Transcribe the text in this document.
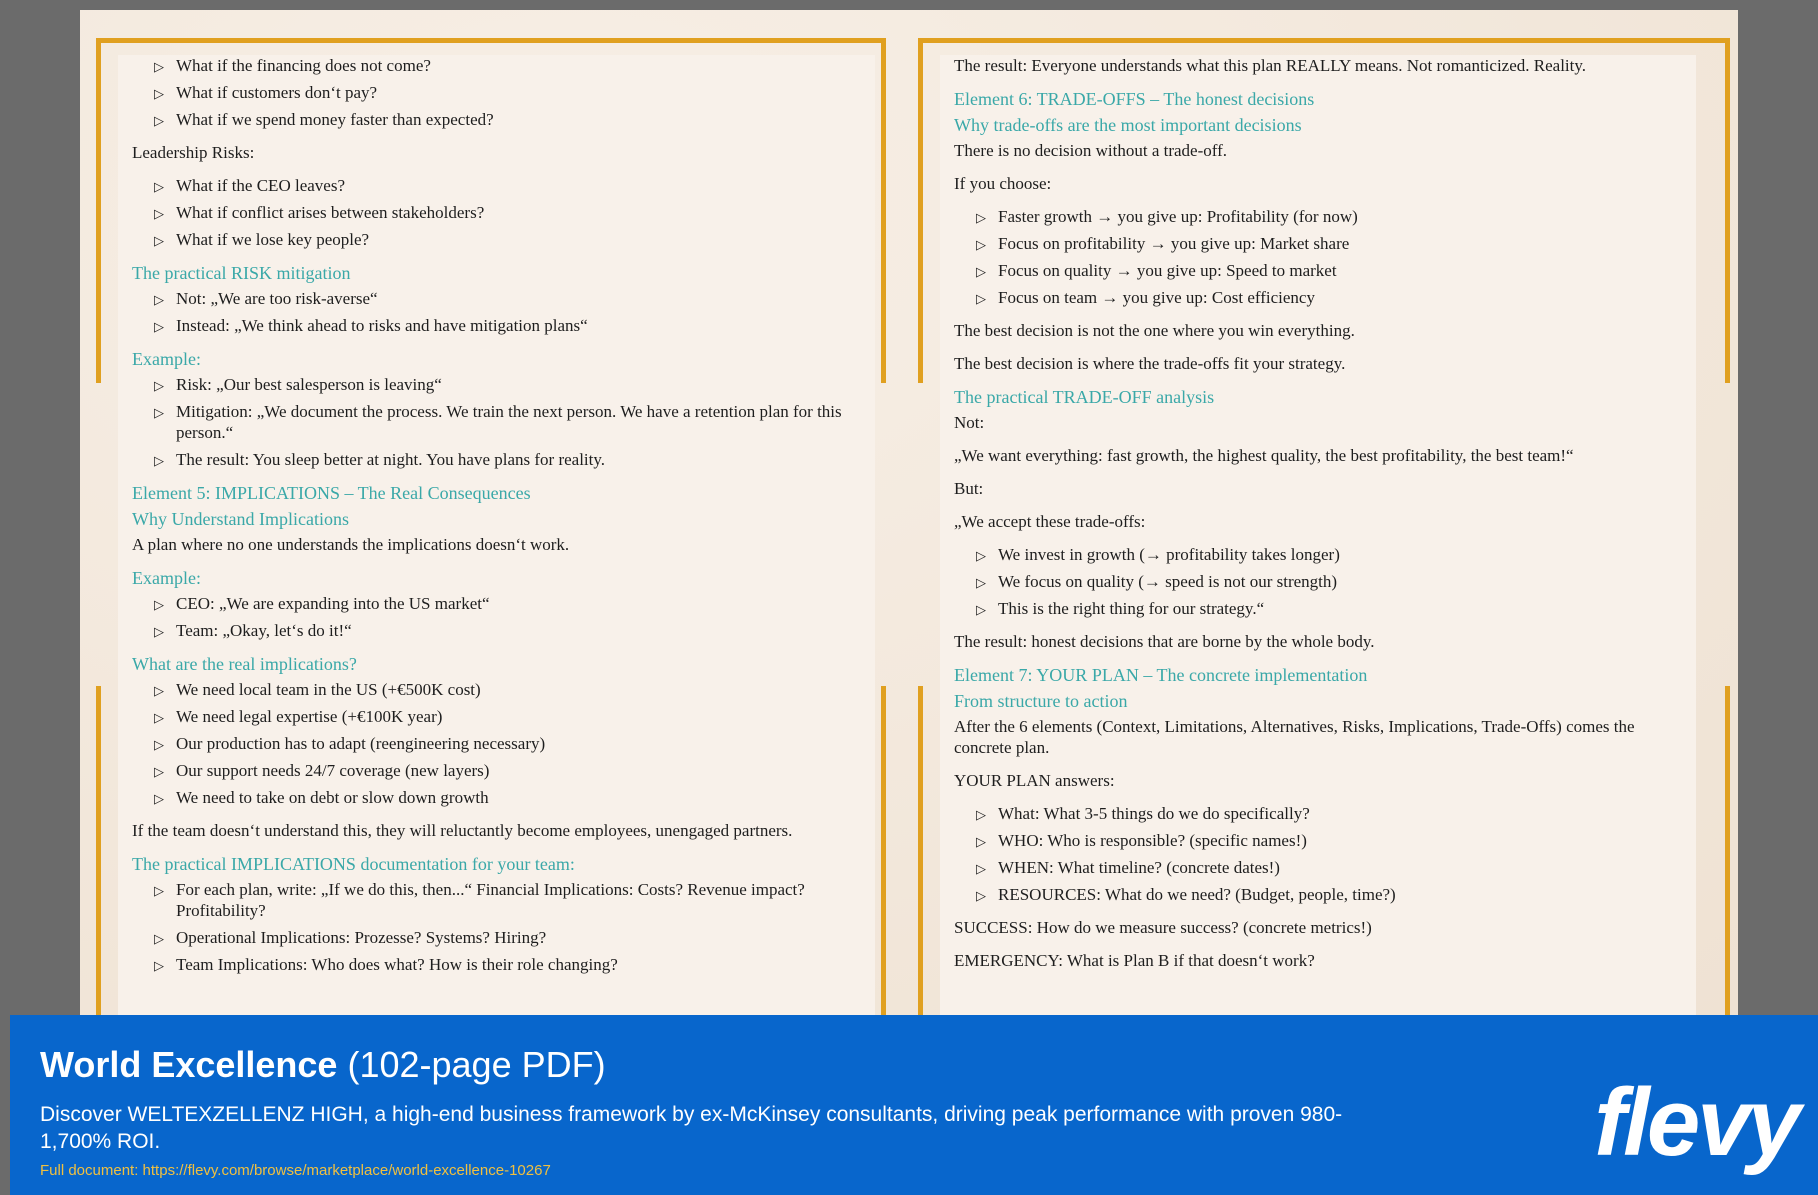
▷ What if the financing does not come?
▷ What if customers don‘t pay?
▷ What if we spend money faster than expected?

Leadership Risks:

▷ What if the CEO leaves?
▷ What if conflict arises between stakeholders?
▷ What if we lose key people?
The practical RISK mitigation
▷ Not: „We are too risk-averse“
▷ Instead: „We think ahead to risks and have mitigation plans“
Example:
▷ Risk: „Our best salesperson is leaving“
▷ Mitigation: „We document the process. We train the next person. We have a retention plan for this person.“
▷ The result: You sleep better at night. You have plans for reality.
Element 5: IMPLICATIONS – The Real Consequences
Why Understand Implications

A plan where no one understands the implications doesn‘t work.

Example:
▷ CEO: „We are expanding into the US market“
▷ Team: „Okay, let‘s do it!“
What are the real implications?
▷ We need local team in the US (+€500K cost)
▷ We need legal expertise (+€100K year)
▷ Our production has to adapt (reengineering necessary)
▷ Our support needs 24/7 coverage (new layers)
▷ We need to take on debt or slow down growth

If the team doesn‘t understand this, they will reluctantly become employees, unengaged partners.

The practical IMPLICATIONS documentation for your team:
▷ For each plan, write: „If we do this, then...“ Financial Implications: Costs? Revenue impact? Profitability?
▷ Operational Implications: Prozesse? Systems? Hiring?
▷ Team Implications: Who does what? How is their role changing?

The result: Everyone understands what this plan REALLY means. Not romanticized. Reality.

Element 6: TRADE-OFFS – The honest decisions
Why trade-offs are the most important decisions

There is no decision without a trade-off.

If you choose:

▷ Faster growth → you give up: Profitability (for now)
▷ Focus on profitability → you give up: Market share
▷ Focus on quality → you give up: Speed to market
▷ Focus on team → you give up: Cost efficiency

The best decision is not the one where you win everything.

The best decision is where the trade-offs fit your strategy.

The practical TRADE-OFF analysis

Not:

„We want everything: fast growth, the highest quality, the best profitability, the best team!“

But:

„We accept these trade-offs:

▷ We invest in growth (→ profitability takes longer)
▷ We focus on quality (→ speed is not our strength)
▷ This is the right thing for our strategy.“

The result: honest decisions that are borne by the whole body.

Element 7: YOUR PLAN – The concrete implementation
From structure to action

After the 6 elements (Context, Limitations, Alternatives, Risks, Implications, Trade-Offs) comes the concrete plan.

YOUR PLAN answers:

▷ What: What 3-5 things do we do specifically?
▷ WHO: Who is responsible? (specific names!)
▷ WHEN: What timeline? (concrete dates!)
▷ RESOURCES: What do we need? (Budget, people, time?)

SUCCESS: How do we measure success? (concrete metrics!)

EMERGENCY: What is Plan B if that doesn‘t work?

World Excellence (102-page PDF)
Discover WELTEXZELLENZ HIGH, a high-end business framework by ex-McKinsey consultants, driving peak performance with proven 980-1,700% ROI.
Full document: https://flevy.com/browse/marketplace/world-excellence-10267	flevy
